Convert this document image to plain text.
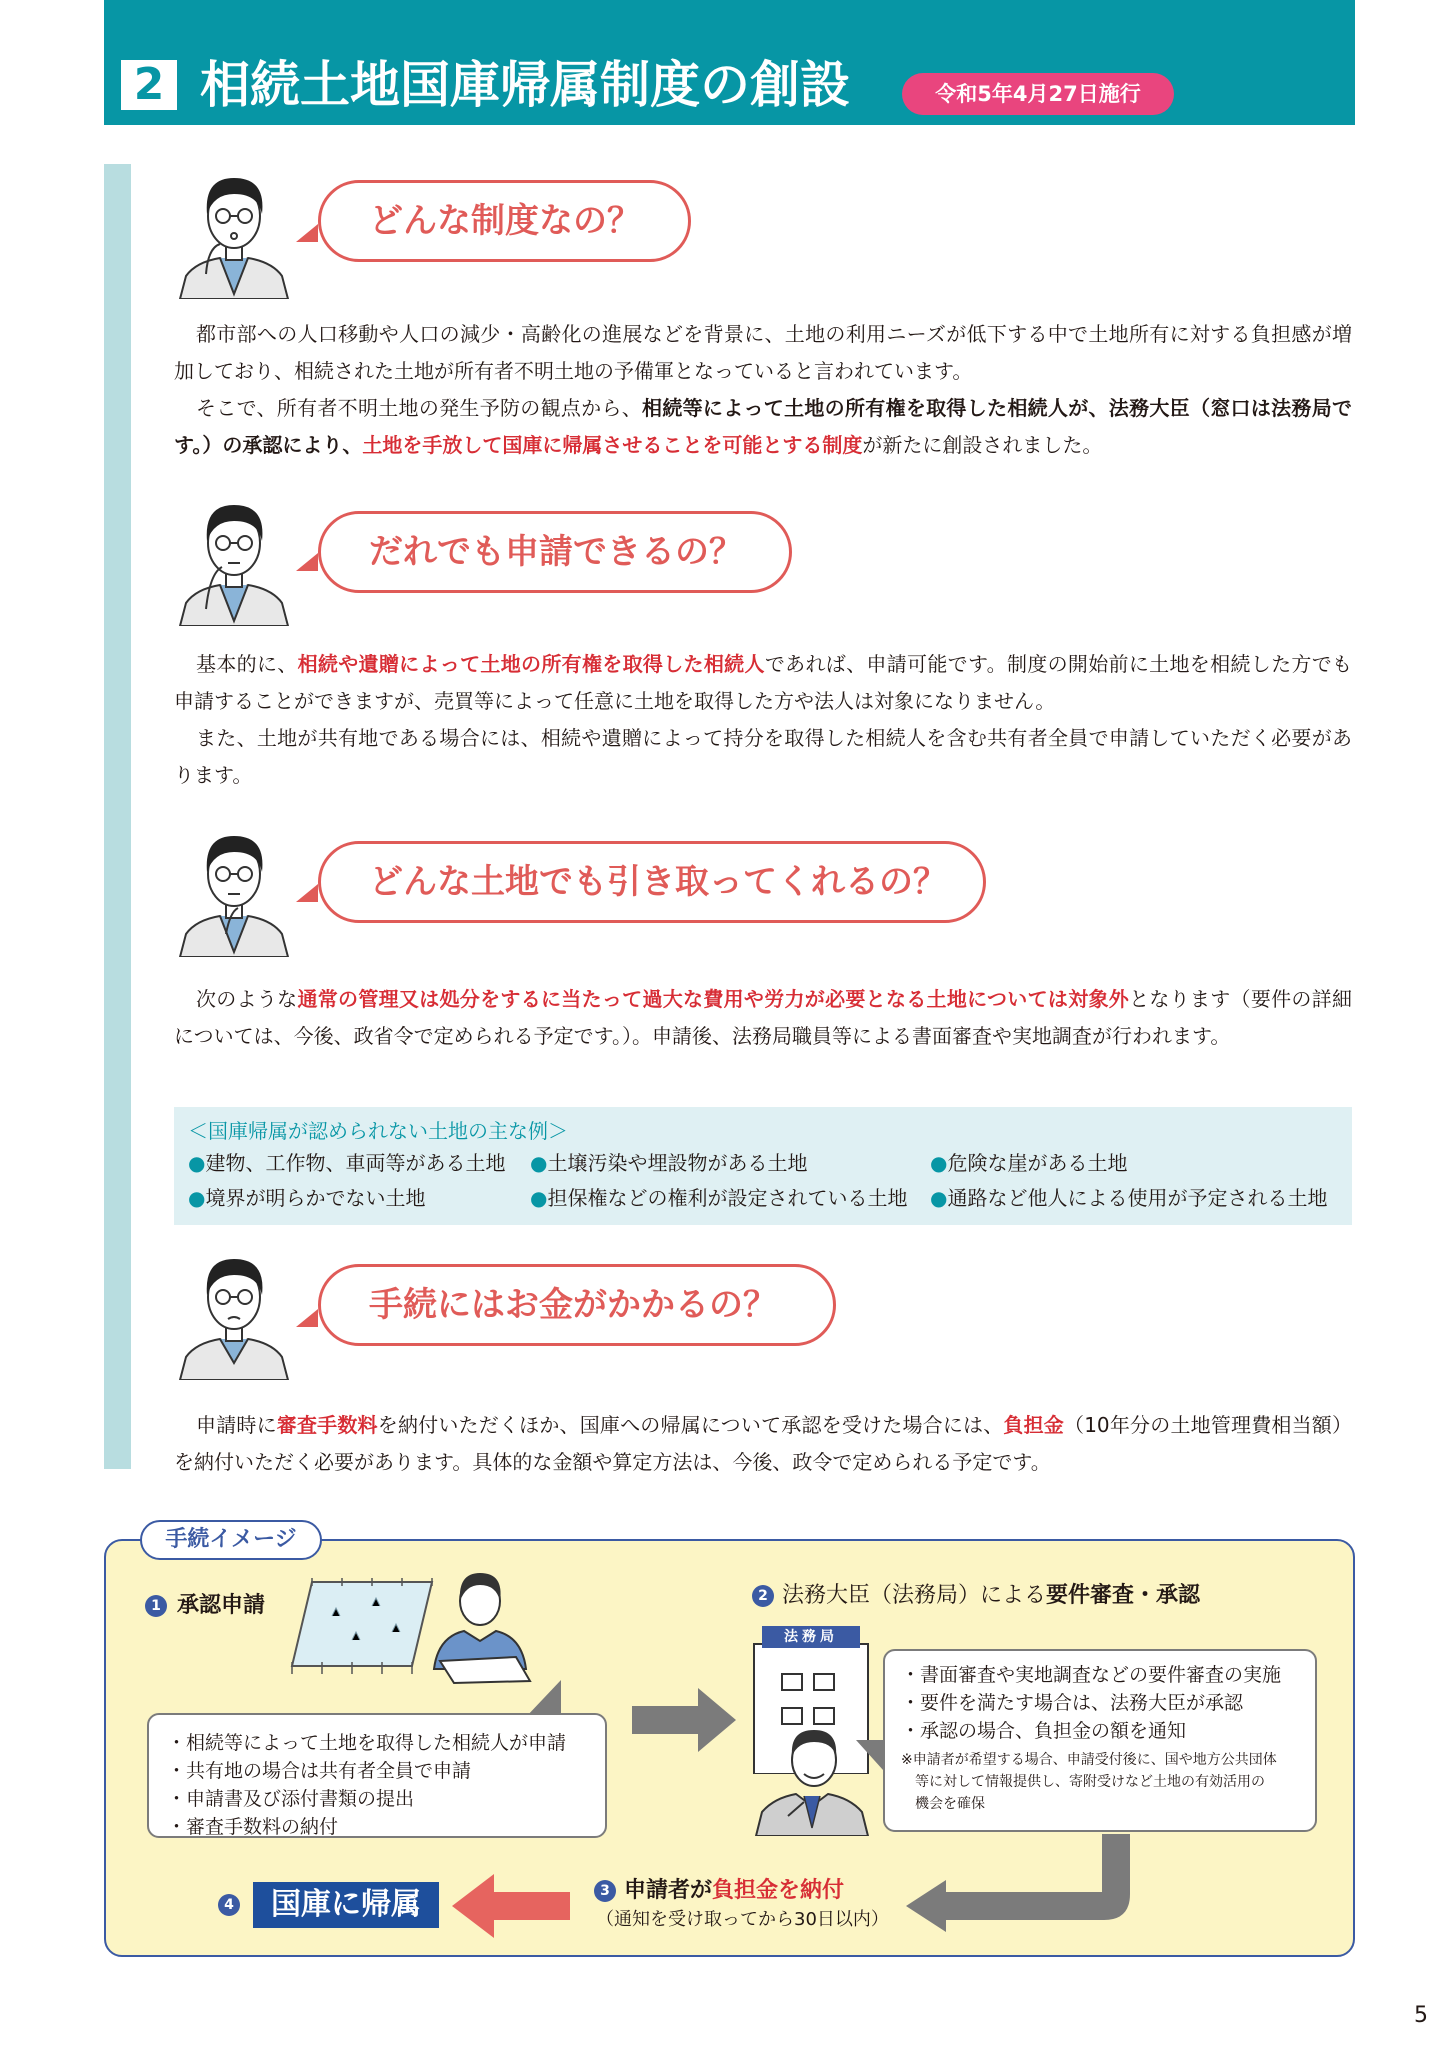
2 相続土地国庫帰属制度の創設	令和5年4月27日施行
どんな制度なの？

都市部への人口移動や人口の減少・高齢化の進展などを背景に、土地の利用ニーズが低下する中で土地所有に対する負担感が増加しており、相続された土地が所有者不明土地の予備軍となっていると言われています。

そこで、所有者不明土地の発生予防の観点から、相続等によって土地の所有権を取得した相続人が、法務大臣（窓口は法務局です。）の承認により、土地を手放して国庫に帰属させることを可能とする制度が新たに創設されました。

だれでも申請できるの？

基本的に、相続や遺贈によって土地の所有権を取得した相続人であれば、申請可能です。制度の開始前に土地を相続した方でも申請することができますが、売買等によって任意に土地を取得した方や法人は対象になりません。

また、土地が共有地である場合には、相続や遺贈によって持分を取得した相続人を含む共有者全員で申請していただく必要があります。

どんな土地でも引き取ってくれるの？

次のような通常の管理又は処分をするに当たって過大な費用や労力が必要となる土地については対象外となります（要件の詳細については、今後、政省令で定められる予定です。）。申請後、法務局職員等による書面審査や実地調査が行われます。

＜国庫帰属が認められない土地の主な例＞
●建物、工作物、車両等がある土地 ●土壌汚染や埋設物がある土地	●危険な崖がある土地
●境界が明らかでない土地	●担保権などの権利が設定されている土地 ●通路など他人による使用が予定される土地
手続にはお金がかかるの？

申請時に審査手数料を納付いただくほか、国庫への帰属について承認を受けた場合には、負担金（10年分の土地管理費相当額）を納付いただく必要があります。具体的な金額や算定方法は、今後、政令で定められる予定です。

手続イメージ
1 承認申請
・相続等によって土地を取得した相続人が申請
・共有地の場合は共有者全員で申請
・申請書及び添付書類の提出
・審査手数料の納付
2 法務大臣（法務局）による要件審査・承認
法務局
・書面審査や実地調査などの要件審査の実施
・要件を満たす場合は、法務大臣が承認
・承認の場合、負担金の額を通知
※申請者が希望する場合、申請受付後に、国や地方公共団体
　等に対して情報提供し、寄附受けなど土地の有効活用の
　機会を確保
3 申請者が負担金を納付
（通知を受け取ってから30日以内）
4	国庫に帰属
5
